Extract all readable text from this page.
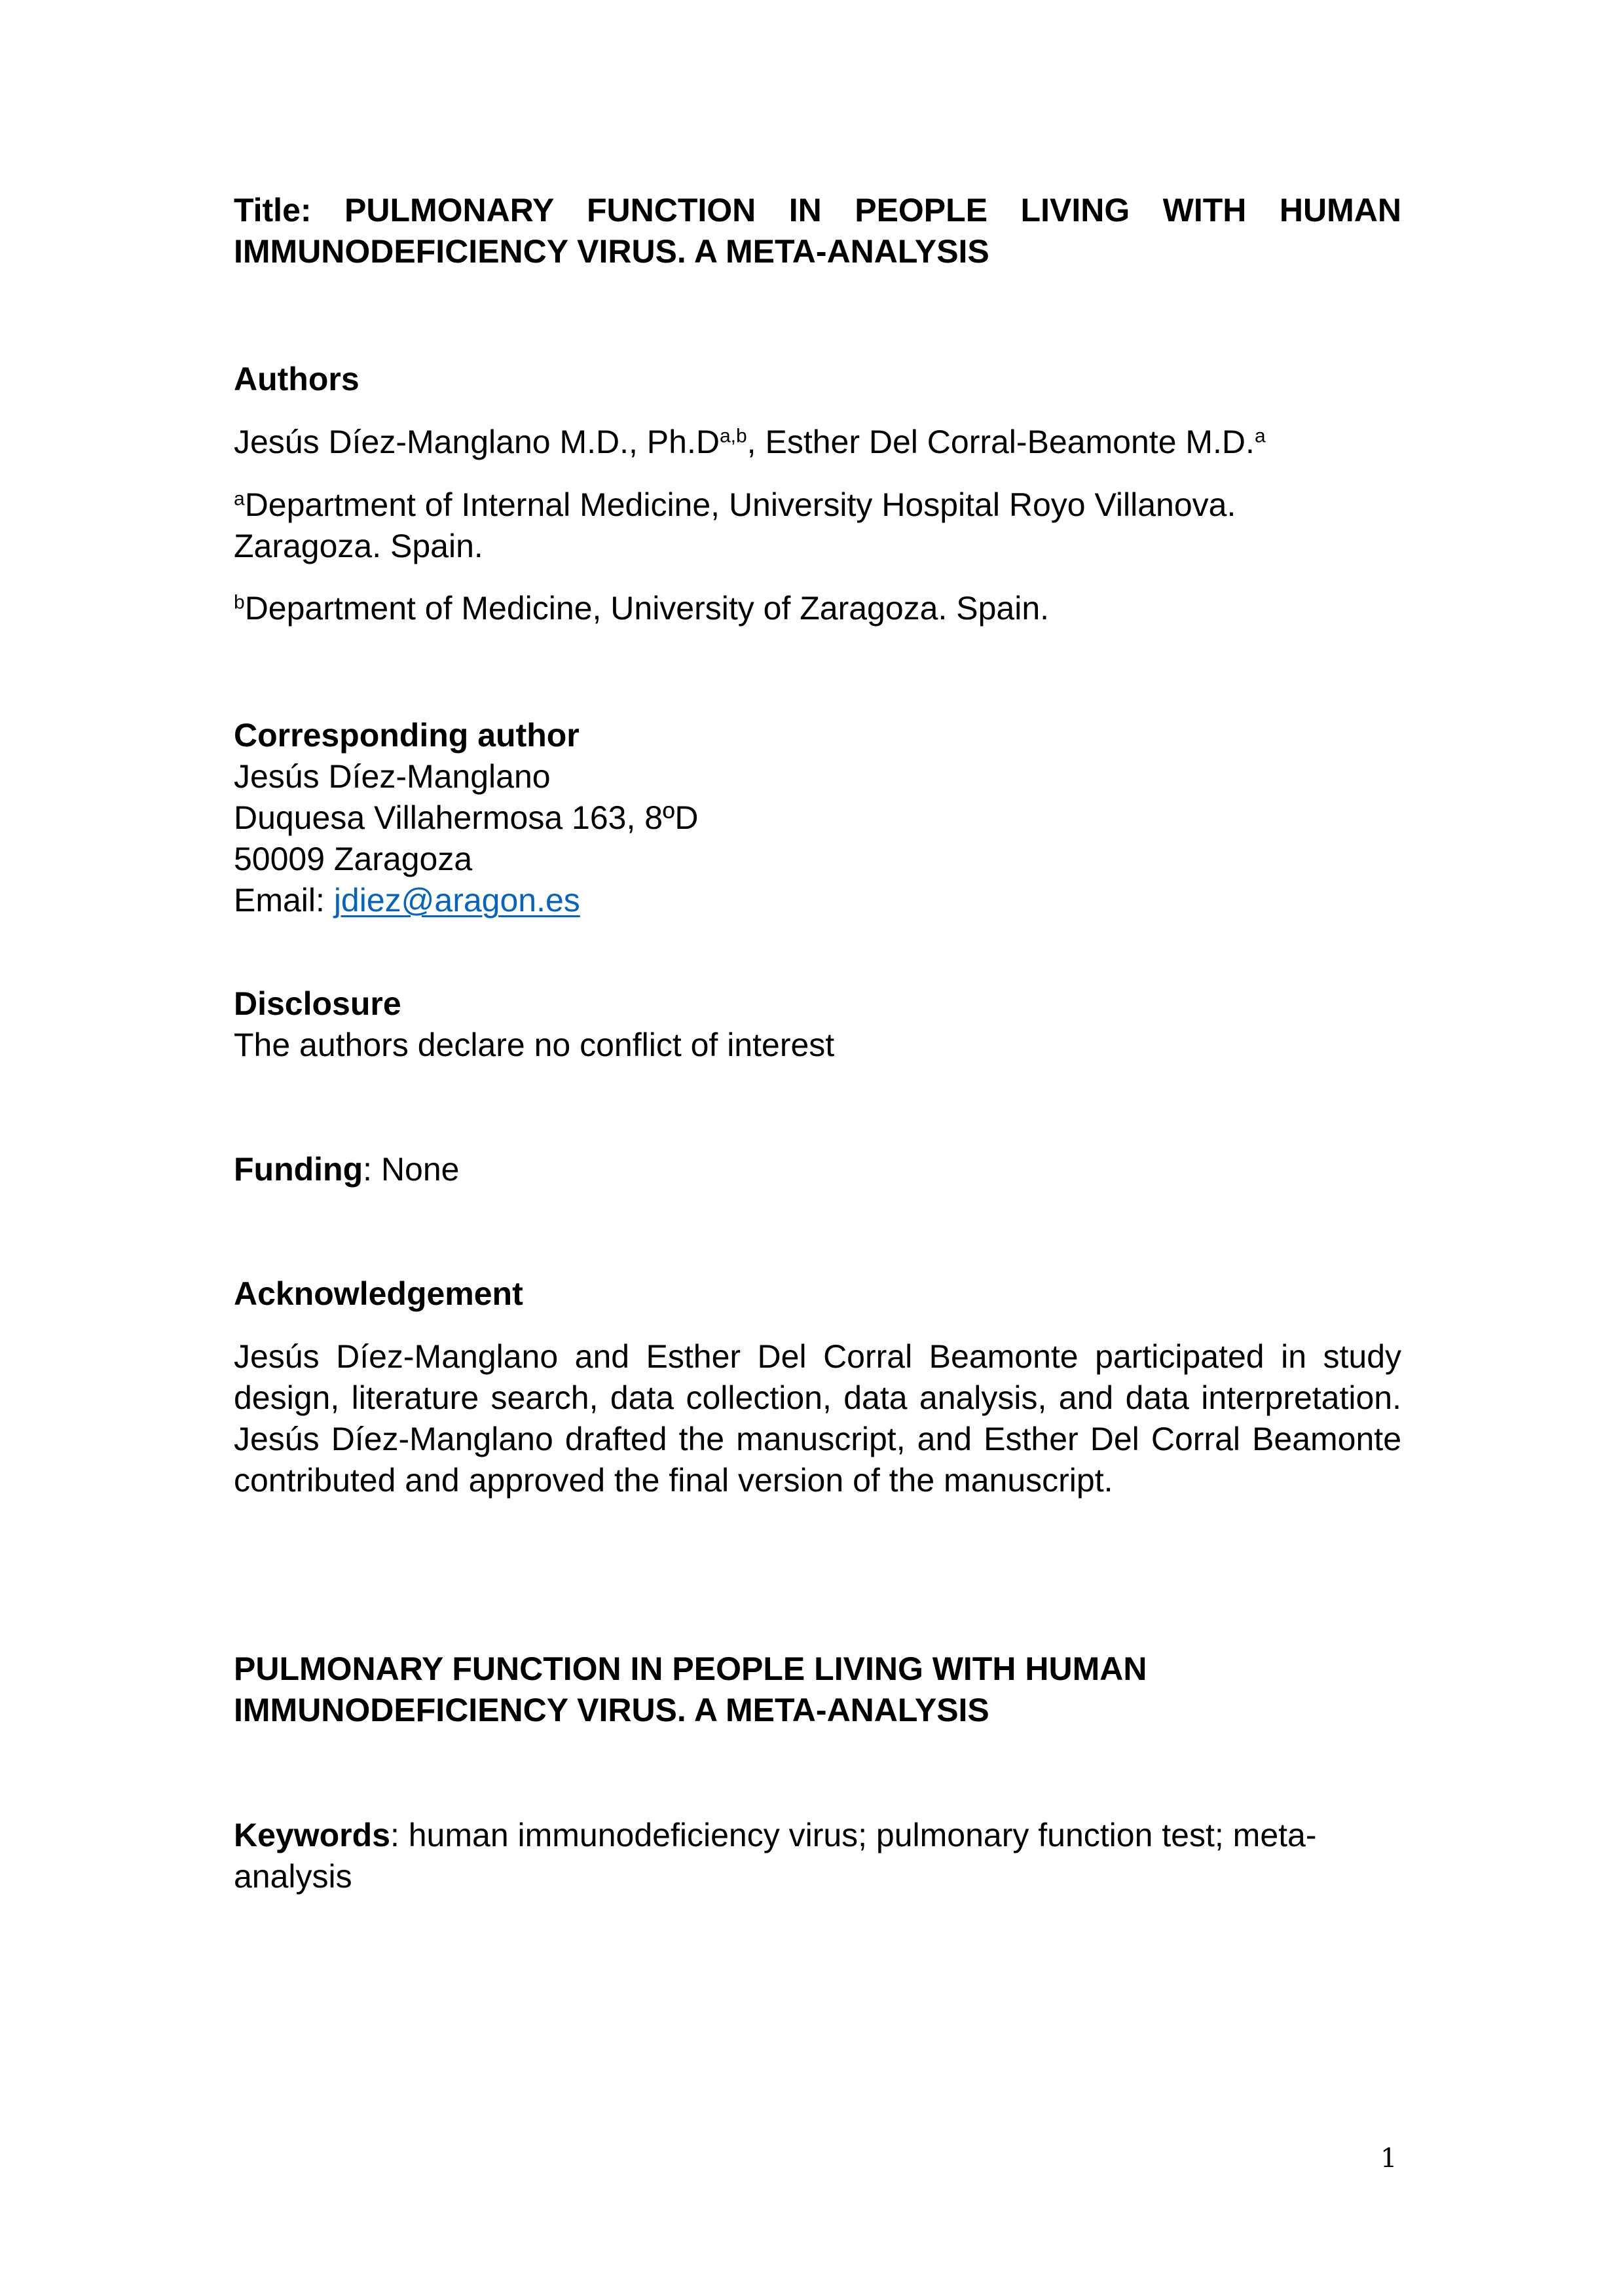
Title: PULMONARY FUNCTION IN PEOPLE LIVING WITH HUMAN IMMUNODEFICIENCY VIRUS. A META-ANALYSIS
Authors
Jesús Díez-Manglano M.D., $Ph.D^{a,b}$, Esther Del Corral-Beamonte M.D.$^a$
$^a$Department of Internal Medicine, University Hospital Royo Villanova.
Zaragoza. Spain.
$^b$Department of Medicine, University of Zaragoza. Spain.
Corresponding author
Jesús Díez-Manglano
Duquesa Villahermosa 163, 8ºD
50009 Zaragoza
Email: jdiez@aragon.es
Disclosure
The authors declare no conflict of interest
Funding: None
Acknowledgement
Jesús Díez-Manglano and Esther Del Corral Beamonte participated in study design, literature search, data collection, data analysis, and data interpretation. Jesús Díez-Manglano drafted the manuscript, and Esther Del Corral Beamonte contributed and approved the final version of the manuscript.
PULMONARY FUNCTION IN PEOPLE LIVING WITH HUMAN
IMMUNODEFICIENCY VIRUS. A META-ANALYSIS
Keywords: human immunodeficiency virus; pulmonary function test; meta-analysis
1
